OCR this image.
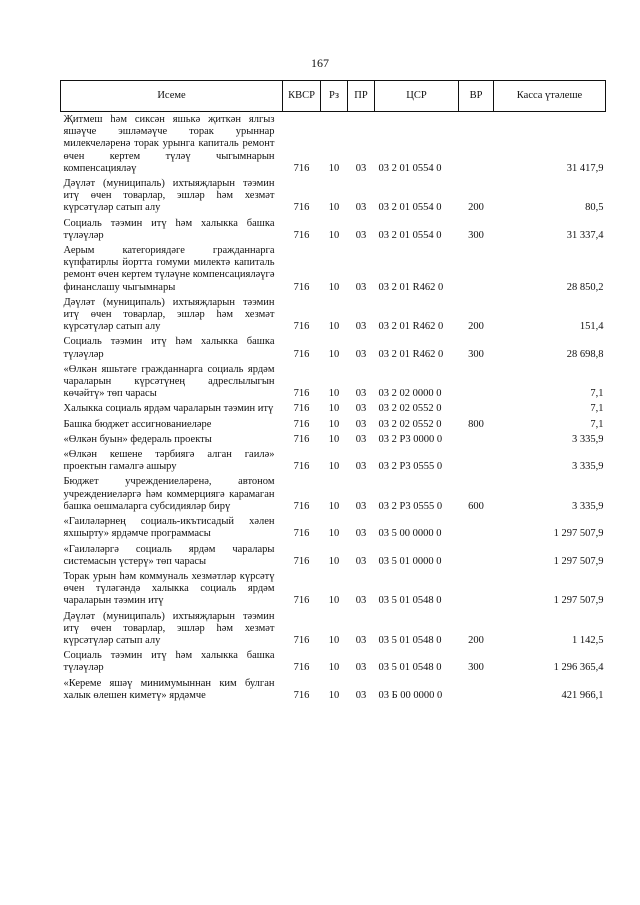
167
Исеме	КВСР	Рз	ПР	ЦСР	ВР	Касса үтәлеше
Җитмеш һәм сиксән яшькә җиткән ялгыз яшәүче эшләмәүче торак урыннар милекчеләренә торак урынга капиталь ремонт өчен кертем түләү чыгымнарын компенсацияләү	716	10	03	03 2 01 0554 0		31 417,9
Дәүләт (муниципаль) ихтыяҗларын тәэмин итү өчен товарлар, эшләр һәм хезмәт күрсәтүләр сатып алу	716	10	03	03 2 01 0554 0	200	80,5
Социаль тәэмин итү һәм халыкка башка түләүләр	716	10	03	03 2 01 0554 0	300	31 337,4
Аерым категориядәге гражданнарга күпфатирлы йортта гомуми милектә капиталь ремонт өчен кертем түләүне компенсацияләүгә финанслашу чыгымнары	716	10	03	03 2 01 R462 0		28 850,2
Дәүләт (муниципаль) ихтыяҗларын тәэмин итү өчен товарлар, эшләр һәм хезмәт күрсәтүләр сатып алу	716	10	03	03 2 01 R462 0	200	151,4
Социаль тәэмин итү һәм халыкка башка түләүләр	716	10	03	03 2 01 R462 0	300	28 698,8
«Өлкән яшьтәге гражданнарга социаль ярдәм чараларын күрсәтүнең адреслылыгын көчәйтү» төп чарасы	716	10	03	03 2 02 0000 0		7,1
Халыкка социаль ярдәм чараларын тәэмин итү	716	10	03	03 2 02 0552 0		7,1
Башка бюджет ассигнованиеләре	716	10	03	03 2 02 0552 0	800	7,1
«Өлкән буын» федераль проекты	716	10	03	03 2 P3 0000 0		3 335,9
«Өлкән кешене тәрбиягә алган гаилә» проектын гамәлгә ашыру	716	10	03	03 2 P3 0555 0		3 335,9
Бюджет учреждениеләренә, автоном учреждениеләргә һәм коммерциягә карамаган башка оешмаларга субсидияләр бирү	716	10	03	03 2 P3 0555 0	600	3 335,9
«Гаиләләрнең социаль-икътисадый хәлен яхшырту» ярдәмче программасы	716	10	03	03 5 00 0000 0		1 297 507,9
«Гаиләләргә социаль ярдәм чаралары системасын үстерү» төп чарасы	716	10	03	03 5 01 0000 0		1 297 507,9
Торак урын һәм коммуналь хезмәтләр күрсәтү өчен түләгәндә халыкка социаль ярдәм чараларын тәэмин итү	716	10	03	03 5 01 0548 0		1 297 507,9
Дәүләт (муниципаль) ихтыяҗларын тәэмин итү өчен товарлар, эшләр һәм хезмәт күрсәтүләр сатып алу	716	10	03	03 5 01 0548 0	200	1 142,5
Социаль тәэмин итү һәм халыкка башка түләүләр	716	10	03	03 5 01 0548 0	300	1 296 365,4
«Кереме яшәү минимумыннан ким булган халык өлешен киметү» ярдәмче	716	10	03	03 Б 00 0000 0		421 966,1
